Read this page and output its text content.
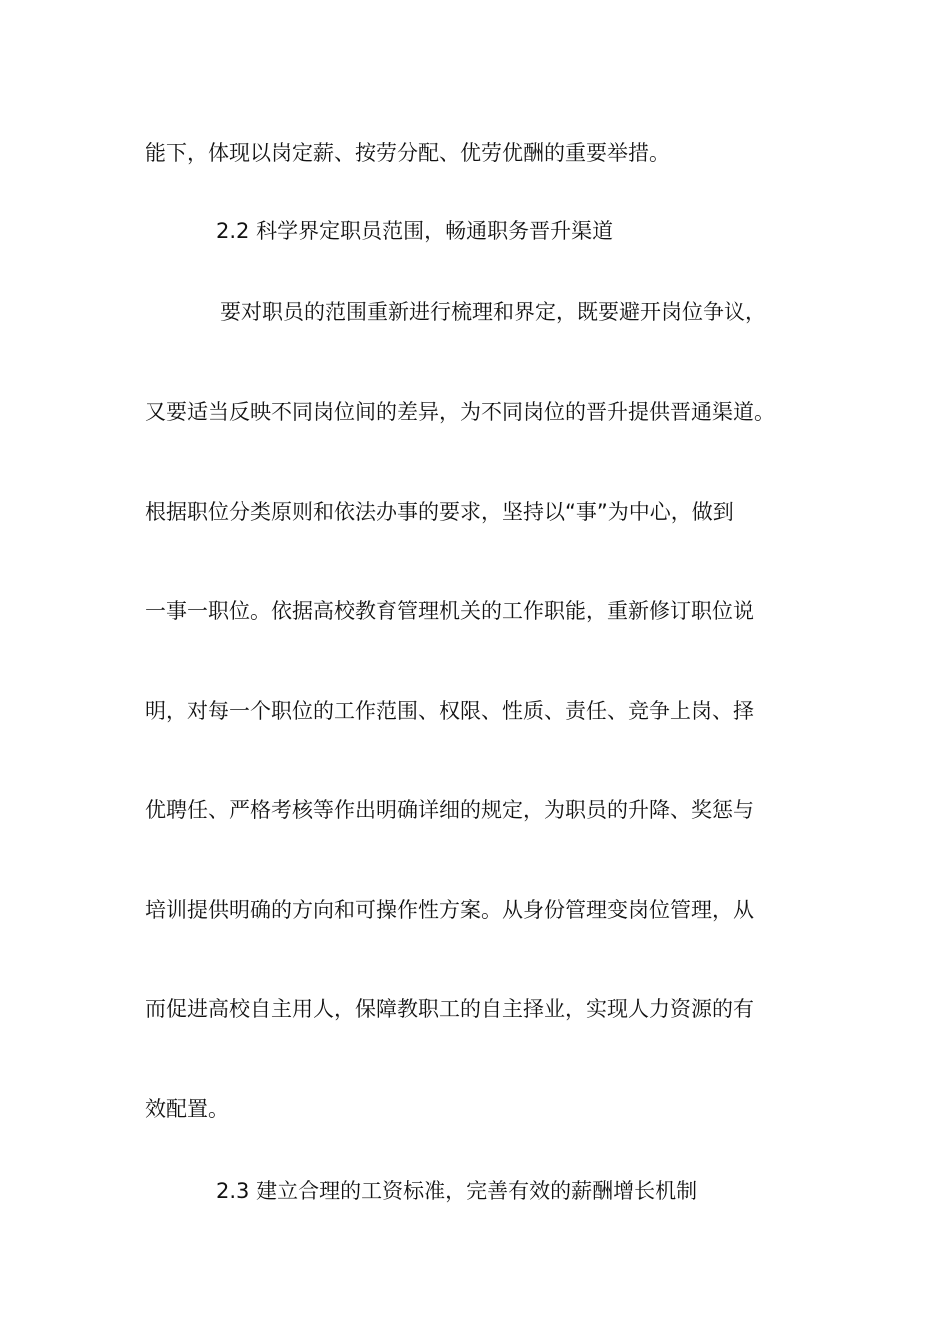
能下，体现以岗定薪、按劳分配、优劳优酬的重要举措。
2.2 科学界定职员范围，畅通职务晋升渠道
要对职员的范围重新进行梳理和界定，既要避开岗位争议，
又要适当反映不同岗位间的差异，为不同岗位的晋升提供晋通渠道。
根据职位分类原则和依法办事的要求，坚持以“事”为中心，做到
一事一职位。依据高校教育管理机关的工作职能，重新修订职位说
明，对每一个职位的工作范围、权限、性质、责任、竞争上岗、择
优聘任、严格考核等作出明确详细的规定，为职员的升降、奖惩与
培训提供明确的方向和可操作性方案。从身份管理变岗位管理，从
而促进高校自主用人，保障教职工的自主择业，实现人力资源的有
效配置。
2.3 建立合理的工资标准，完善有效的薪酬增长机制
